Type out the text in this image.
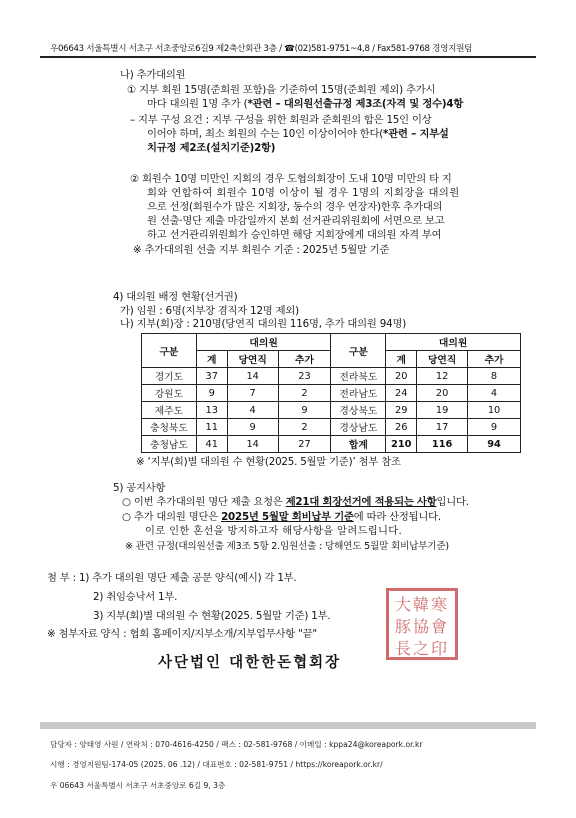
우06643 서울특별시 서초구 서초중앙로6길9 제2축산회관 3층 / ☎(02)581-9751~4,8 / Fax581-9768 경영지원팀
나) 추가대의원
① 지부 회원 15명(준회원 포함)을 기준하여 15명(준회원 제외) 추가시
마다 대의원 1명 추가 (*관련 – 대의원선출규정 제3조(자격 및 정수)4항
– 지부 구성 요건 : 지부 구성을 위한 회원과 준회원의 합은 15인 이상
이어야 하며, 최소 회원의 수는 10인 이상이어야 한다(*관련 – 지부설
치규정 제2조(설치기준)2항)
② 회원수 10명 미만인 지회의 경우 도협의회장이 도내 10명 미만의 타 지
회와 연합하여 회원수 10명 이상이 될 경우 1명의 지회장을 대의원
으로 선정(회원수가 많은 지회장, 동수의 경우 연장자)한후 추가대의
원 선출·명단 제출 마감일까지 본회 선거관리위원회에 서면으로 보고
하고 선거관리위원회가 승인하면 해당 지회장에게 대의원 자격 부여
※ 추가대의원 선출 지부 회원수 기준 : 2025년 5월말 기준
4) 대의원 배정 현황(선거권)
가) 임원 : 6명(지부장 겸직자 12명 제외)
나) 지부(회)장 : 210명(당연직 대의원 116명, 추가 대의원 94명)
구분	대의원			구분	대의원		
	계	당연직	추가		계	당연직	추가
경기도	37	14	23	전라북도	20	12	8
강원도	9	7	2	전라남도	24	20	4
제주도	13	4	9	경상북도	29	19	10
충청북도	11	9	2	경상남도	26	17	9
충청남도	41	14	27	합계	210	116	94
※ ‘지부(회)별 대의원 수 현황(2025. 5월말 기준)’ 첨부 참조
5) 공지사항
○ 이번 추가대의원 명단 제출 요청은 제21대 회장선거에 적용되는 사항입니다.
○ 추가 대의원 명단은 2025년 5월말 회비납부 기준에 따라 산정됩니다.
이로 인한 혼선을 방지하고자 해당사항을 알려드립니다.
※ 관련 규정(대의원선출 제3조 5항 2.임원선출 : 당해연도 5월말 회비납부기준)
첨 부 : 1) 추가 대의원 명단 제출 공문 양식(예시) 각 1부.
2) 취임승낙서 1부.
3) 지부(회)별 대의원 수 현황(2025. 5월말 기준) 1부.
※ 첨부자료 양식 : 협회 홈페이지/지부소개/지부업무사항 "끝"
사단법인 대한한돈협회장
大韓寒豚協會長之印
담당자 : 양태영 사원 / 연락처 : 070-4616-4250 / 팩스 : 02-581-9768 / 이메일 : kppa24@koreapork.or.kr
시행 : 경영지원팀-174-05 (2025. 06 .12) / 대표번호 : 02-581-9751 / https://koreapork.or.kr/
우 06643 서울특별시 서초구 서초중앙로 6길 9, 3층
